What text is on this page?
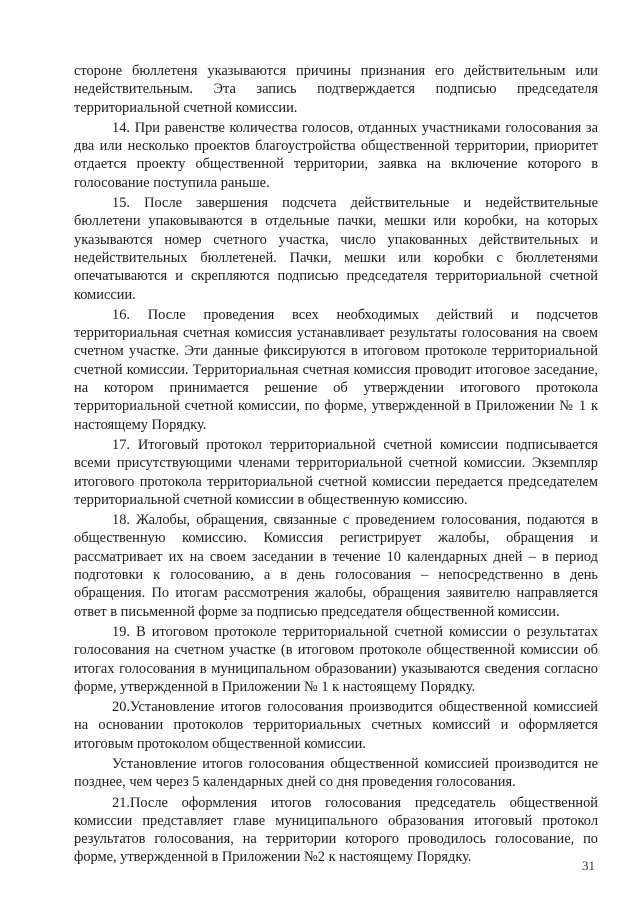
стороне бюллетеня указываются причины признания его действительным или недействительным. Эта запись подтверждается подписью председателя территориальной счетной комиссии.

14. При равенстве количества голосов, отданных участниками голосования за два или несколько проектов благоустройства общественной территории, приоритет отдается проекту общественной территории, заявка на включение которого в голосование поступила раньше.

15. После завершения подсчета действительные и недействительные бюллетени упаковываются в отдельные пачки, мешки или коробки, на которых указываются номер счетного участка, число упакованных действительных и недействительных бюллетеней. Пачки, мешки или коробки с бюллетенями опечатываются и скрепляются подписью председателя территориальной счетной комиссии.

16. После проведения всех необходимых действий и подсчетов территориальная счетная комиссия устанавливает результаты голосования на своем счетном участке. Эти данные фиксируются в итоговом протоколе территориальной счетной комиссии. Территориальная счетная комиссия проводит итоговое заседание, на котором принимается решение об утверждении итогового протокола территориальной счетной комиссии, по форме, утвержденной в Приложении № 1 к настоящему Порядку.

17. Итоговый протокол территориальной счетной комиссии подписывается всеми присутствующими членами территориальной счетной комиссии. Экземпляр итогового протокола территориальной счетной комиссии передается председателем территориальной счетной комиссии в общественную комиссию.

18. Жалобы, обращения, связанные с проведением голосования, подаются в общественную комиссию. Комиссия регистрирует жалобы, обращения и рассматривает их на своем заседании в течение 10 календарных дней – в период подготовки к голосованию, а в день голосования – непосредственно в день обращения. По итогам рассмотрения жалобы, обращения заявителю направляется ответ в письменной форме за подписью председателя общественной комиссии.

19. В итоговом протоколе территориальной счетной комиссии о результатах голосования на счетном участке (в итоговом протоколе общественной комиссии об итогах голосования в муниципальном образовании) указываются сведения согласно форме, утвержденной в Приложении № 1 к настоящему Порядку.

20.Установление итогов голосования производится общественной комиссией на основании протоколов территориальных счетных комиссий и оформляется итоговым протоколом общественной комиссии.

Установление итогов голосования общественной комиссией производится не позднее, чем через 5 календарных дней со дня проведения голосования.

21.После оформления итогов голосования председатель общественной комиссии представляет главе муниципального образования итоговый протокол результатов голосования, на территории которого проводилось голосование, по форме, утвержденной в Приложении №2 к настоящему Порядку.

31
